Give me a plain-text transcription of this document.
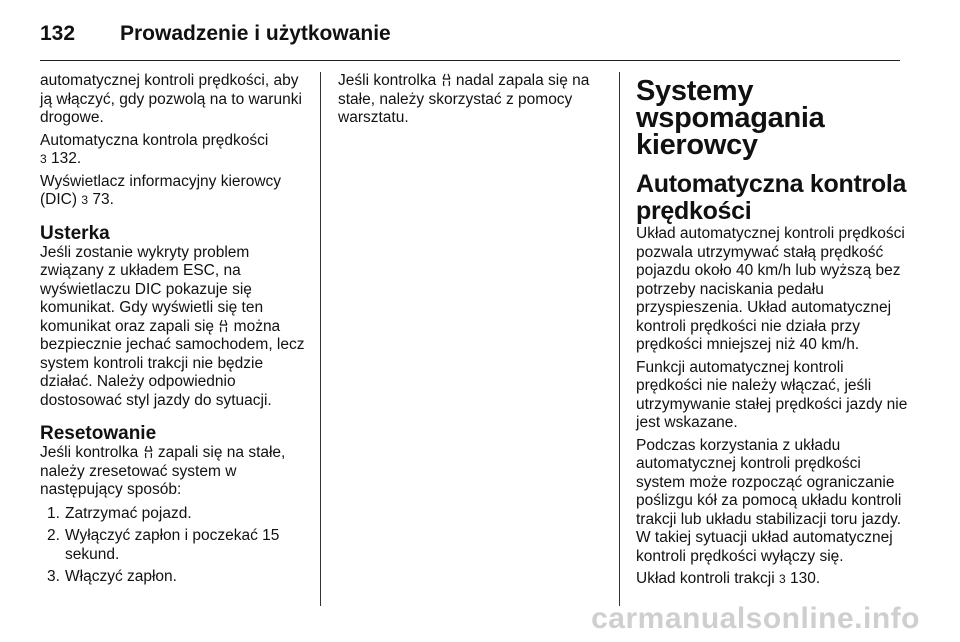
132 Prowadzenie i użytkowanie

automatycznej kontroli prędkości, aby ją włączyć, gdy pozwolą na to warunki drogowe.

Automatyczna kontrola prędkości
3 132.

Wyświetlacz informacyjny kierowcy (DIC) 3 73.

Usterka

Jeśli zostanie wykryty problem związany z układem ESC, na wyświetlaczu DIC pokazuje się komunikat. Gdy wyświetli się ten komunikat oraz zapali się można bezpiecznie jechać samochodem, lecz system kontroli trakcji nie będzie działać. Należy odpowiednio dostosować styl jazdy do sytuacji.

Resetowanie

Jeśli kontrolka zapali się na stałe, należy zresetować system w następujący sposób:

1. Zatrzymać pojazd.
2. Wyłączyć zapłon i poczekać 15 sekund.
3. Włączyć zapłon.

Jeśli kontrolka nadal zapala się na stałe, należy skorzystać z pomocy warsztatu.

Systemy wspomagania kierowcy
Automatyczna kontrola prędkości

Układ automatycznej kontroli prędkości pozwala utrzymywać stałą prędkość pojazdu około 40 km/h lub wyższą bez potrzeby naciskania pedału przyspieszenia. Układ automatycznej kontroli prędkości nie działa przy prędkości mniejszej niż 40 km/h.

Funkcji automatycznej kontroli prędkości nie należy włączać, jeśli utrzymywanie stałej prędkości jazdy nie jest wskazane.

Podczas korzystania z układu automatycznej kontroli prędkości system może rozpocząć ograniczanie poślizgu kół za pomocą układu kontroli trakcji lub układu stabilizacji toru jazdy. W takiej sytuacji układ automatycznej kontroli prędkości wyłączy się.

Układ kontroli trakcji 3 130.

carmanualsonline.info
